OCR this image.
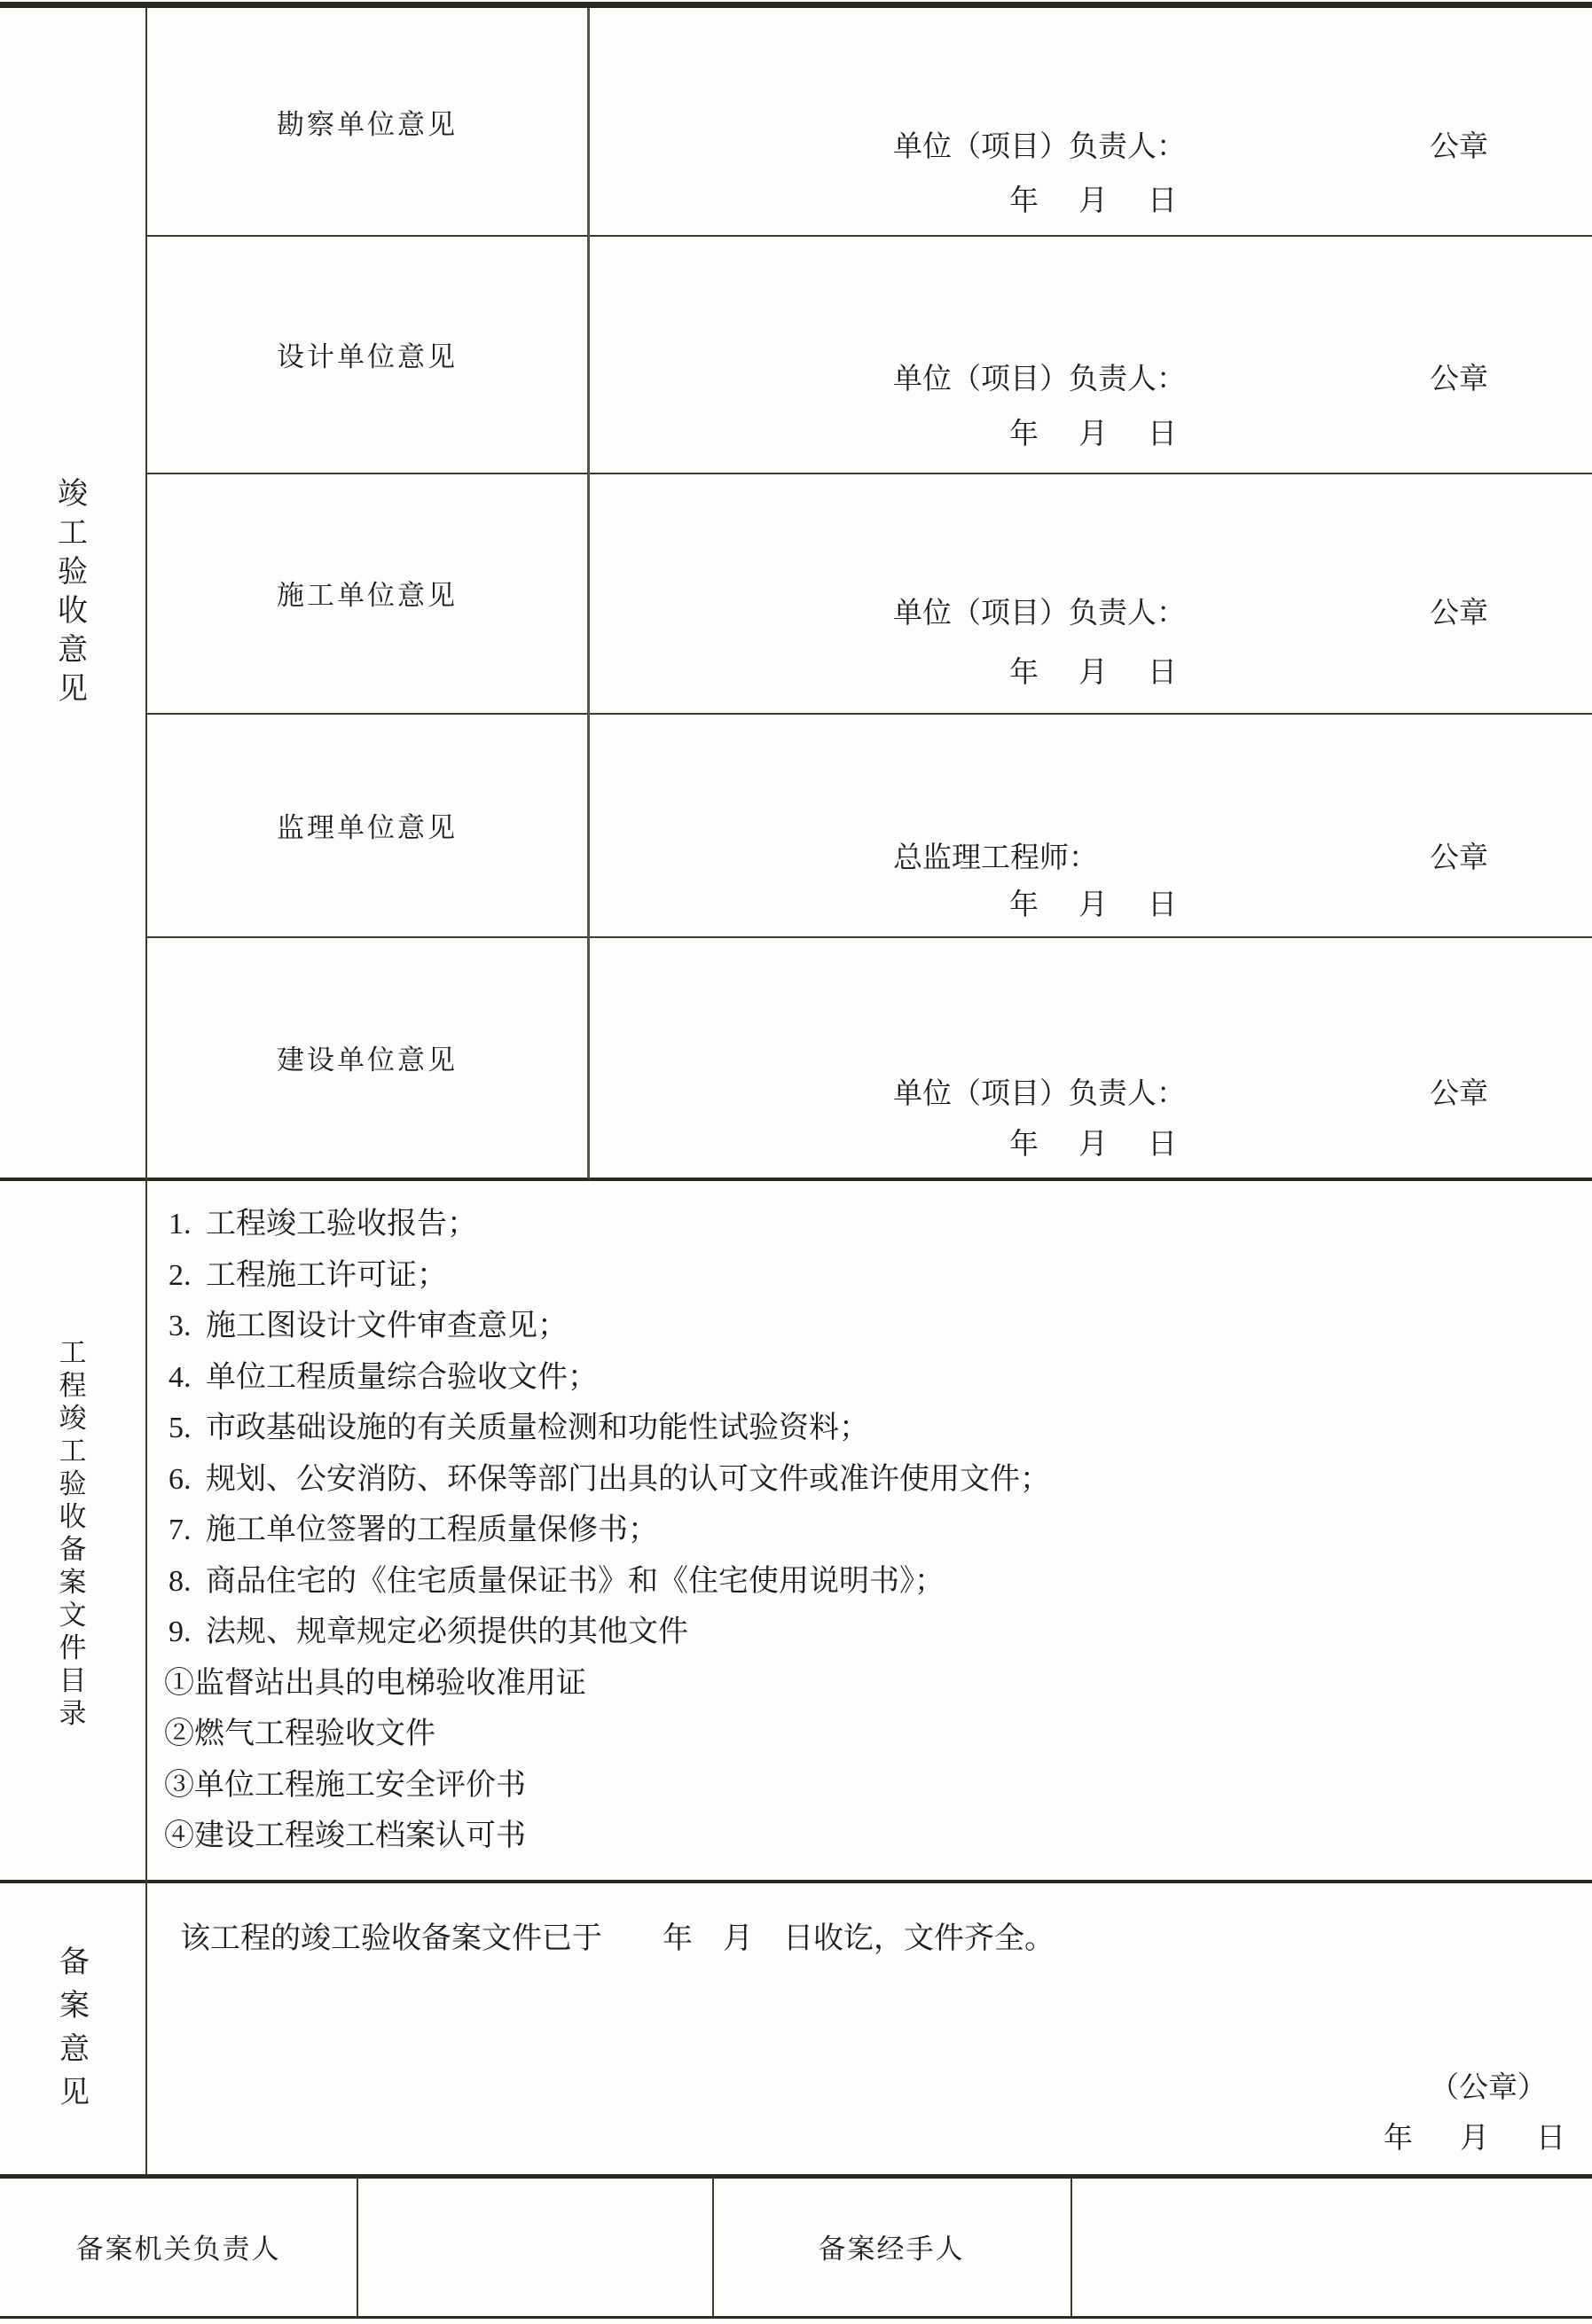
竣工验收意见
勘察单位意见
单位（项目）负责人：	公章
年　月　日
设计单位意见
单位（项目）负责人：	公章
年　月　日
施工单位意见
单位（项目）负责人：	公章
年　月　日
监理单位意见
总监理工程师：	公章
年　月　日
建设单位意见
单位（项目）负责人：	公章
年　月　日
工程竣工验收备案文件目录
1. 工程竣工验收报告；
2. 工程施工许可证；
3. 施工图设计文件审查意见；
4. 单位工程质量综合验收文件；
5. 市政基础设施的有关质量检测和功能性试验资料；
6. 规划、公安消防、环保等部门出具的认可文件或准许使用文件；
7. 施工单位签署的工程质量保修书；
8. 商品住宅的《住宅质量保证书》和《住宅使用说明书》；
9. 法规、规章规定必须提供的其他文件
①监督站出具的电梯验收准用证
②燃气工程验收文件
③单位工程施工安全评价书
④建设工程竣工档案认可书
备案意见
该工程的竣工验收备案文件已于　　年　月　日收讫，文件齐全。
（公章）
年　月　日
备案机关负责人	备案经手人
